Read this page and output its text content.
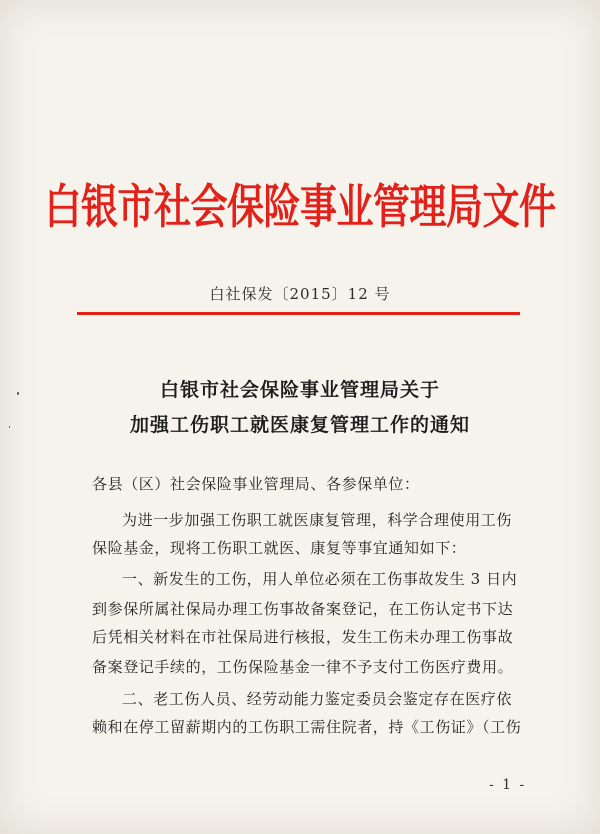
白银市社会保险事业管理局文件
白社保发〔2015〕12 号
白银市社会保险事业管理局关于
加强工伤职工就医康复管理工作的通知
各县（区）社会保险事业管理局、各参保单位：
为进一步加强工伤职工就医康复管理，科学合理使用工伤
保险基金，现将工伤职工就医、康复等事宜通知如下：
一、新发生的工伤，用人单位必须在工伤事故发生 3 日内
到参保所属社保局办理工伤事故备案登记，在工伤认定书下达
后凭相关材料在市社保局进行核报，发生工伤未办理工伤事故
备案登记手续的，工伤保险基金一律不予支付工伤医疗费用。
二、老工伤人员、经劳动能力鉴定委员会鉴定存在医疗依
赖和在停工留薪期内的工伤职工需住院者，持《工伤证》（工伤
- 1 -
